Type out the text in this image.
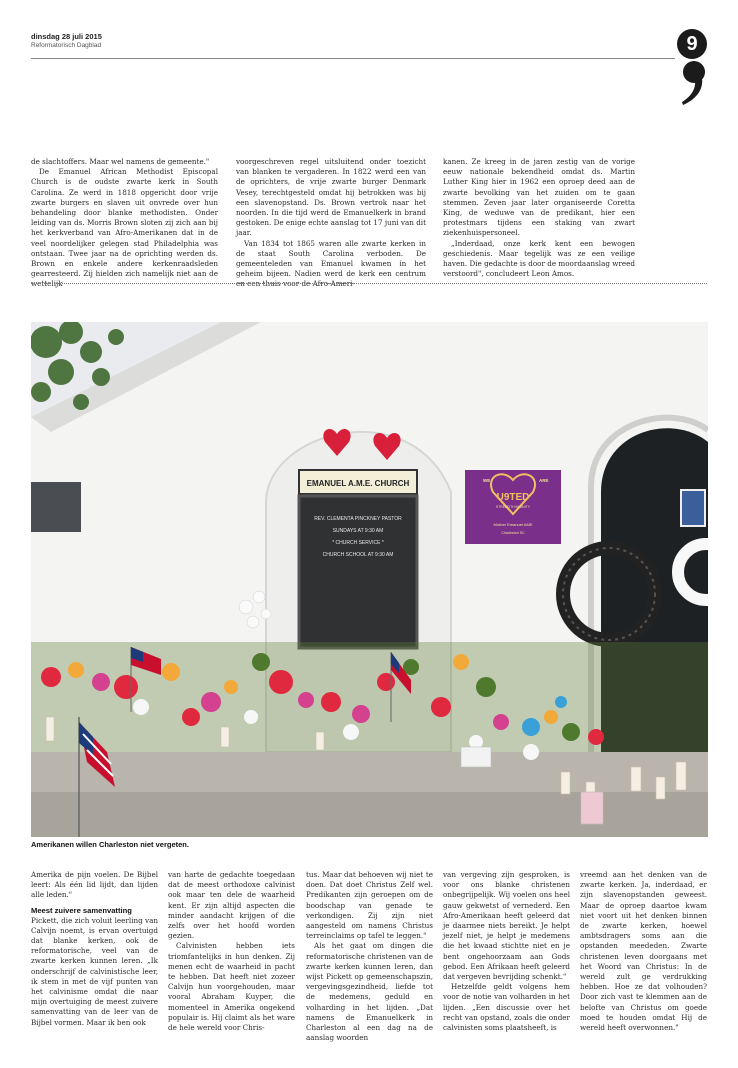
dinsdag 28 juli 2015
Reformatorisch Dagblad	9

de slachtoffers. Maar wel namens de gemeente."

De Emanuel African Methodist Episcopal Church is de oudste zwarte kerk in South Carolina. Ze werd in 1818 opgericht door vrije zwarte burgers en slaven uit onvrede over hun behandeling door blanke methodisten. Onder leiding van ds. Morris Brown sloten zij zich aan bij het kerkverband van Afro-Amerikanen dat in de veel noordelijker gelegen stad Philadelphia was ontstaan. Twee jaar na de oprichting werden ds. Brown en enkele andere kerkenraadsleden gearresteerd. Zij hielden zich namelijk niet aan de wettelijk

voorgeschreven regel uitsluitend onder toezicht van blanken te vergaderen. In 1822 werd een van de oprichters, de vrije zwarte burger Denmark Vesey, terechtgesteld omdat hij betrokken was bij een slavenopstand. Ds. Brown vertrok naar het noorden. In die tijd werd de Emanuelkerk in brand gestoken. De enige echte aanslag tot 17 juni van dit jaar.

Van 1834 tot 1865 waren alle zwarte kerken in de staat South Carolina verboden. De gemeenteleden van Emanuel kwamen in het geheim bijeen. Nadien werd de kerk een centrum en een thuis voor de Afro-Ameri-

kanen. Ze kreeg in de jaren zestig van de vorige eeuw nationale bekendheid omdat ds. Martin Luther King hier in 1962 een oproep deed aan de zwarte bevolking van het zuiden om te gaan stemmen. Zeven jaar later organiseerde Coretta King, de weduwe van de predikant, hier een protestmars tijdens een staking van zwart ziekenhuispersoneel.

„Inderdaad, onze kerk kent een bewogen geschiedenis. Maar tegelijk was ze een veilige haven. Die gedachte is door de moordaanslag wreed verstoord", concludeert Leon Amos.

EMANUEL A.M.E. CHURCH
REV. CLEMENTA PINCKNEY PASTOR
SUNDAYS AT 9:30 AM
* CHURCH SERVICE *
CHURCH SCHOOL AT 9:30 AM
WE	ARE
U9TED
STRENGTH IN UNITY
Mother Emanuel AME
Charleston SC
Amerikanen willen Charleston niet vergeten.

Amerika de pijn voelen. De Bijbel leert: Als één lid lijdt, dan lijden alle leden."

Meest zuivere samenvatting

Pickett, die zich voluit leerling van Calvijn noemt, is ervan overtuigd dat blanke kerken, ook de reformatorische, veel van de zwarte kerken kunnen leren. „Ik onderschrijf de calvinistische leer, ik stem in met de vijf punten van het calvinisme omdat die naar mijn overtuiging de meest zuivere samenvatting van de leer van de Bijbel vormen. Maar ik ben ook

van harte de gedachte toegedaan dat de meest orthodoxe calvinist ook maar ten dele de waarheid kent. Er zijn altijd aspecten die minder aandacht krijgen of die zelfs over het hoofd worden gezien.

Calvinisten hebben iets triomfantelijks in hun denken. Zij menen echt de waarheid in pacht te hebben. Dat heeft niet zozeer Calvijn hun voorgehouden, maar vooral Abraham Kuyper, die momenteel in Amerika ongekend populair is. Hij claimt als het ware de hele wereld voor Chris-

tus. Maar dat behoeven wij niet te doen. Dat doet Christus Zelf wel. Predikanten zijn geroepen om de boodschap van genade te verkondigen. Zij zijn niet aangesteld om namens Christus terreinclaims op tafel te leggen."

Als het gaat om dingen die reformatorische christenen van de zwarte kerken kunnen leren, dan wijst Pickett op gemeenschapszin, vergevingsgezindheid, liefde tot de medemens, geduld en volharding in het lijden. „Dat namens de Emanuelkerk in Charleston al een dag na de aanslag woorden

van vergeving zijn gesproken, is voor ons blanke christenen onbegrijpelijk. Wij voelen ons heel gauw gekwetst of vernederd. Een Afro-Amerikaan heeft geleerd dat je daarmee niets bereikt. Je helpt jezelf niet, je helpt je medemens die het kwaad stichtte niet en je bent ongehoorzaam aan Gods gebod. Een Afrikaan heeft geleerd dat vergeven bevrijding schenkt."

Hetzelfde geldt volgens hem voor de notie van volharden in het lijden. „Een discussie over het recht van opstand, zoals die onder calvinisten soms plaatsheeft, is

vreemd aan het denken van de zwarte kerken. Ja, inderdaad, er zijn slavenopstanden geweest. Maar de oproep daartoe kwam niet voort uit het denken binnen de zwarte kerken, hoewel ambtsdragers soms aan die opstanden meededen. Zwarte christenen leven doorgaans met het Woord van Christus: In de wereld zult ge verdrukking hebben. Hoe ze dat volhouden? Door zich vast te klemmen aan de belofte van Christus om goede moed te houden omdat Hij de wereld heeft overwonnen."
